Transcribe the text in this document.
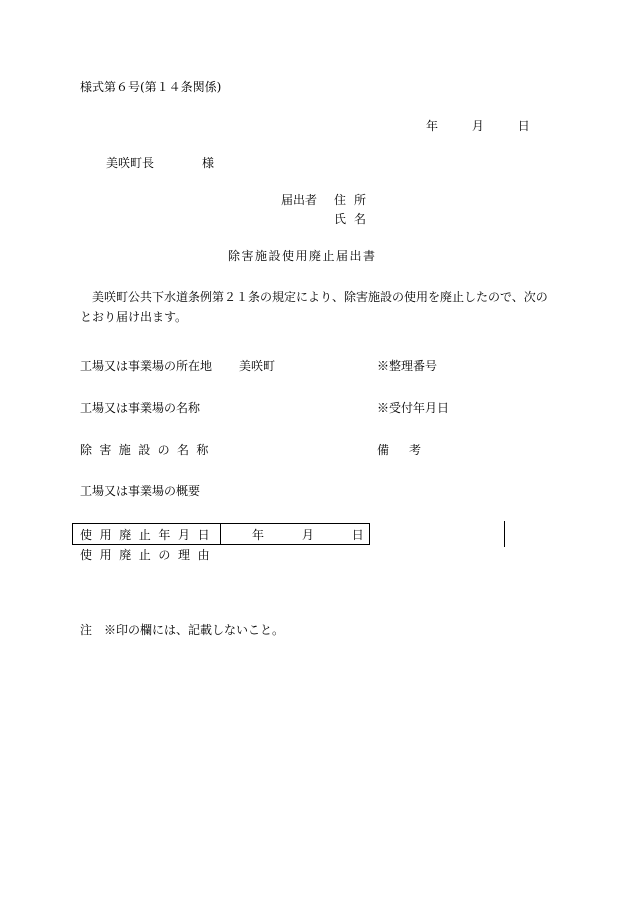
様式第６号(第１４条関係)
年	月	日
美咲町長	様
届出者 住所
氏名
除害施設使用廃止届出書
美咲町公共下水道条例第２１条の規定により、除害施設の使用を廃止したので、次のとおり届け出ます。
工場又は事業場の所在地 美咲町	※整理番号
工場又は事業場の名称	※受付年月日
除害施設の名称	備考
工場又は事業場の概要
使用廃止年月日	年	月	日
使用廃止の理由
注　※印の欄には、記載しないこと。
